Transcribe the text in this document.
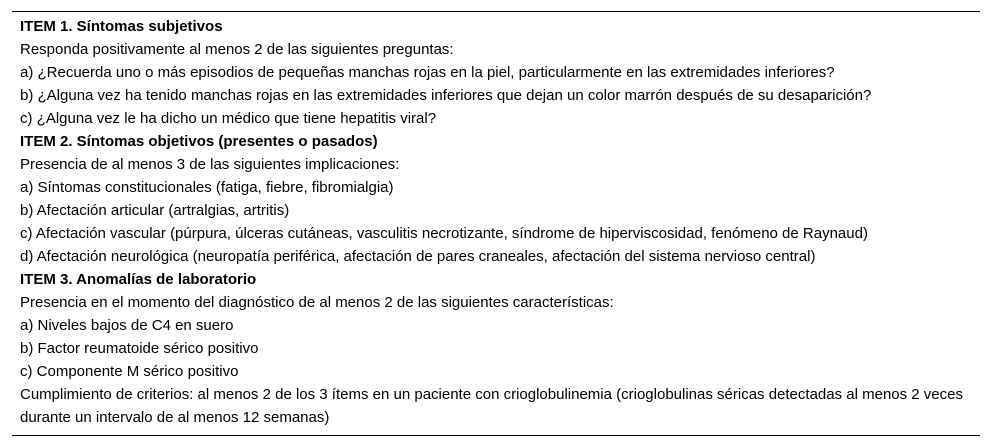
ITEM 1. Síntomas subjetivos
Responda positivamente al menos 2 de las siguientes preguntas:
a) ¿Recuerda uno o más episodios de pequeñas manchas rojas en la piel, particularmente en las extremidades inferiores?
b) ¿Alguna vez ha tenido manchas rojas en las extremidades inferiores que dejan un color marrón después de su desaparición?
c) ¿Alguna vez le ha dicho un médico que tiene hepatitis viral?
ITEM 2. Síntomas objetivos (presentes o pasados)
Presencia de al menos 3 de las siguientes implicaciones:
a) Síntomas constitucionales (fatiga, fiebre, fibromialgia)
b) Afectación articular (artralgias, artritis)
c) Afectación vascular (púrpura, úlceras cutáneas, vasculitis necrotizante, síndrome de hiperviscosidad, fenómeno de Raynaud)
d) Afectación neurológica (neuropatía periférica, afectación de pares craneales, afectación del sistema nervioso central)
ITEM 3. Anomalías de laboratorio
Presencia en el momento del diagnóstico de al menos 2 de las siguientes características:
a) Niveles bajos de C4 en suero
b) Factor reumatoide sérico positivo
c) Componente M sérico positivo
Cumplimiento de criterios: al menos 2 de los 3 ítems en un paciente con crioglobulinemia (crioglobulinas séricas detectadas al menos 2 veces durante un intervalo de al menos 12 semanas)
